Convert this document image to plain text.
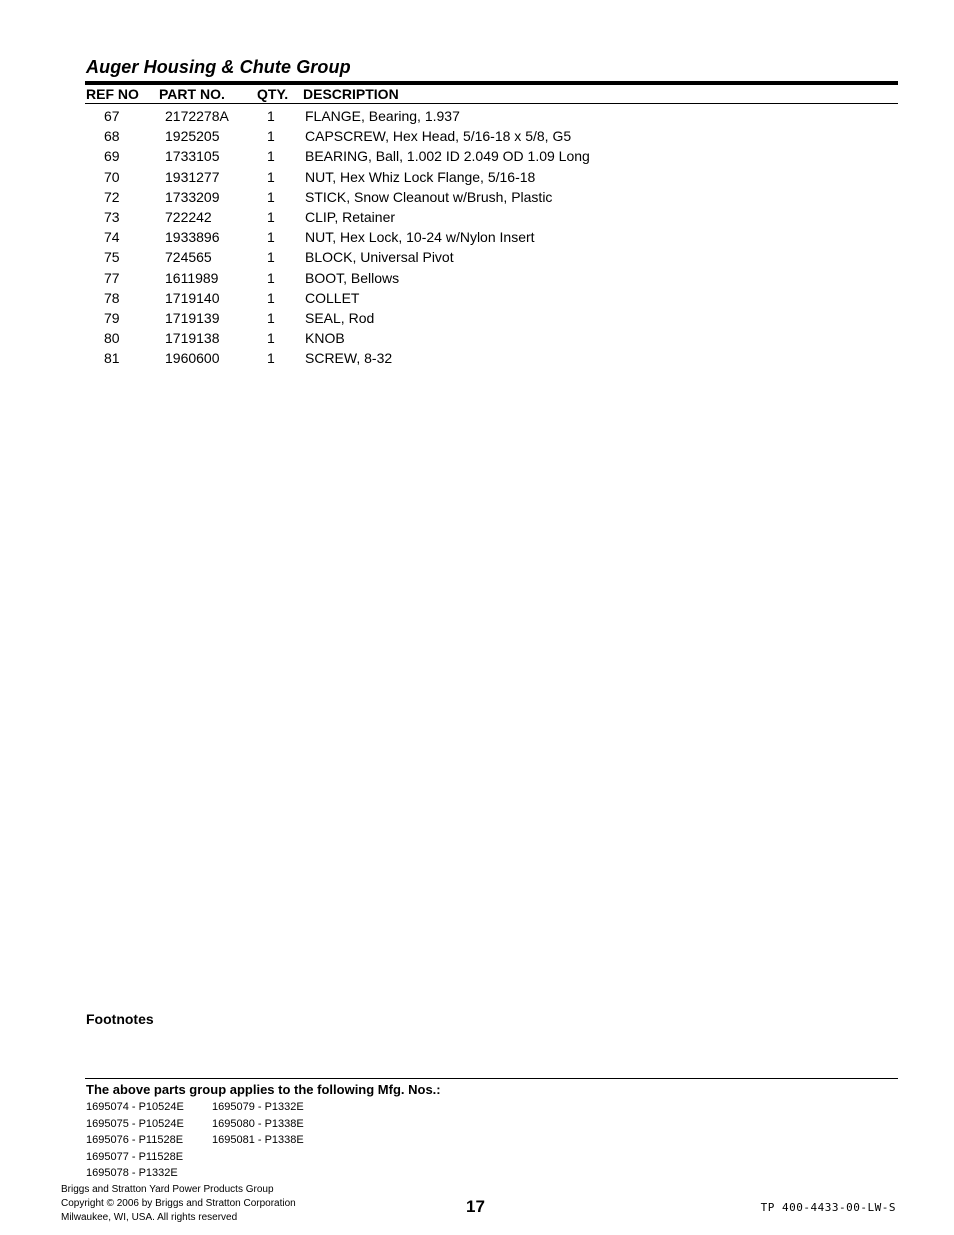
Auger Housing & Chute Group
REF NO PART NO. QTY. DESCRIPTION
67	2172278A	1 FLANGE, Bearing, 1.937
68	1925205	1 CAPSCREW, Hex Head, 5/16-18 x 5/8, G5
69	1733105	1 BEARING, Ball, 1.002 ID 2.049 OD 1.09 Long
70	1931277	1 NUT, Hex Whiz Lock Flange, 5/16-18
72	1733209	1 STICK, Snow Cleanout w/Brush, Plastic
73	722242	1 CLIP, Retainer
74	1933896	1 NUT, Hex Lock, 10-24 w/Nylon Insert
75	724565	1 BLOCK, Universal Pivot
77	1611989	1 BOOT, Bellows
78	1719140	1 COLLET
79	1719139	1 SEAL, Rod
80	1719138	1 KNOB
81	1960600	1 SCREW, 8-32
Footnotes
The above parts group applies to the following Mfg. Nos.:
1695074 - P10524E
1695075 - P10524E
1695076 - P11528E
1695077 - P11528E
1695078 - P1332E
1695079 - P1332E
1695080 - P1338E
1695081 - P1338E
Briggs and Stratton Yard Power Products Group
Copyright © 2006 by Briggs and Stratton Corporation
Milwaukee, WI, USA. All rights reserved
17	TP 400-4433-00-LW-S
